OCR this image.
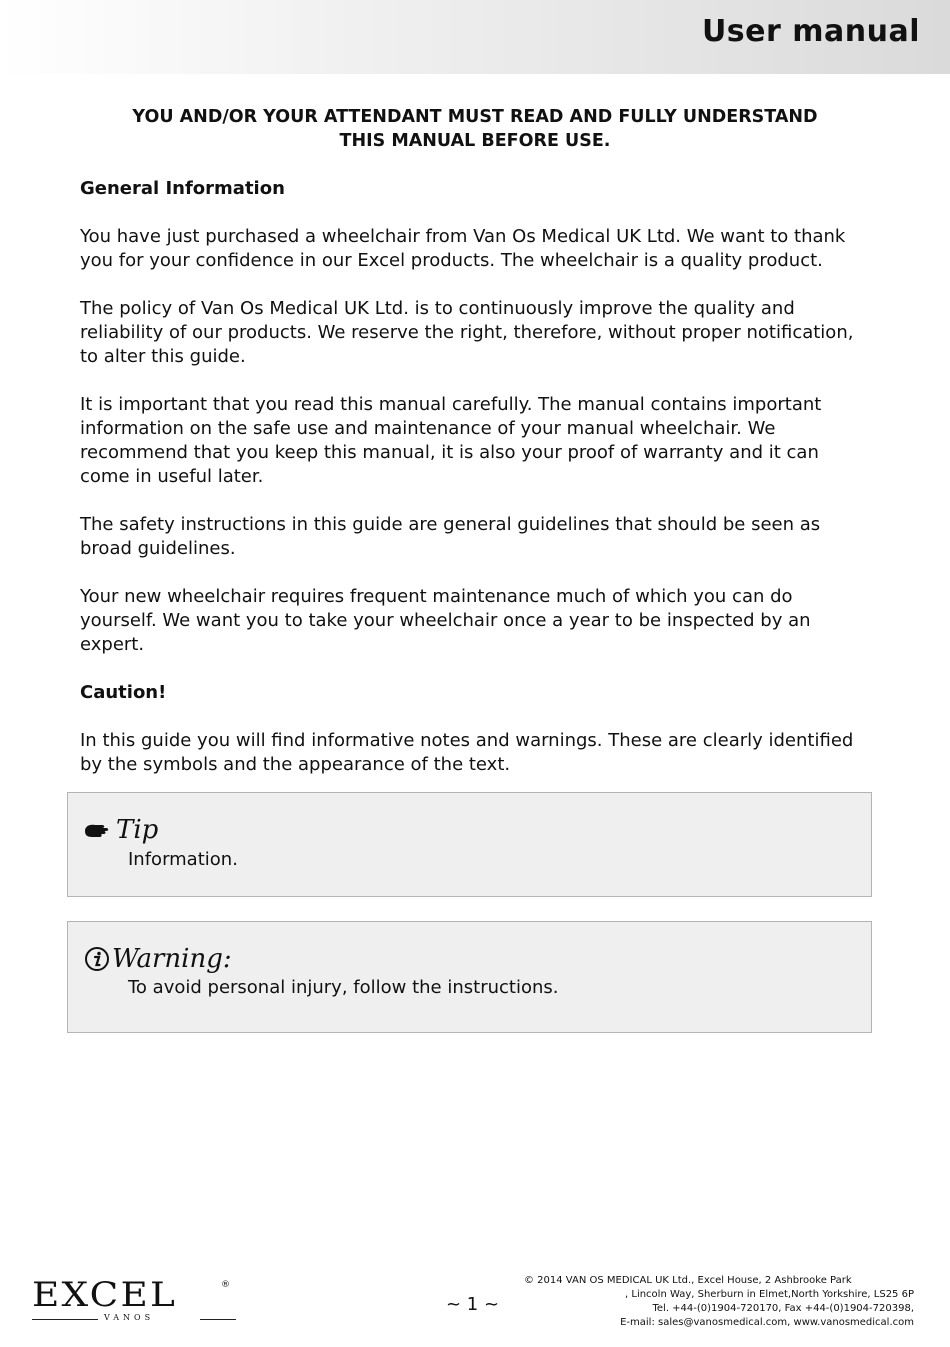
User manual
YOU AND/OR YOUR ATTENDANT MUST READ AND FULLY UNDERSTAND
THIS MANUAL BEFORE USE.
General Information

You have just purchased a wheelchair from Van Os Medical UK Ltd. We want to thank you for your confidence in our Excel products. The wheelchair is a quality product.

The policy of Van Os Medical UK Ltd. is to continuously improve the quality and reliability of our products. We reserve the right, therefore, without proper notification, to alter this guide.

It is important that you read this manual carefully. The manual contains important information on the safe use and maintenance of your manual wheelchair. We recommend that you keep this manual, it is also your proof of warranty and it can come in useful later.

The safety instructions in this guide are general guidelines that should be seen as broad guidelines.

Your new wheelchair requires frequent maintenance much of which you can do yourself. We want you to take your wheelchair once a year to be inspected by an expert.

Caution!

In this guide you will find informative notes and warnings. These are clearly identified by the symbols and the appearance of the text.

Tip
Information.
Warning:
To avoid personal injury, follow the instructions.
EXCEL	®
VANOS
~ 1 ~
© 2014 VAN OS MEDICAL UK Ltd., Excel House, 2 Ashbrooke Park
, Lincoln Way, Sherburn in Elmet,North Yorkshire, LS25 6P
Tel. +44-(0)1904-720170, Fax +44-(0)1904-720398,
E-mail: sales@vanosmedical.com, www.vanosmedical.com
